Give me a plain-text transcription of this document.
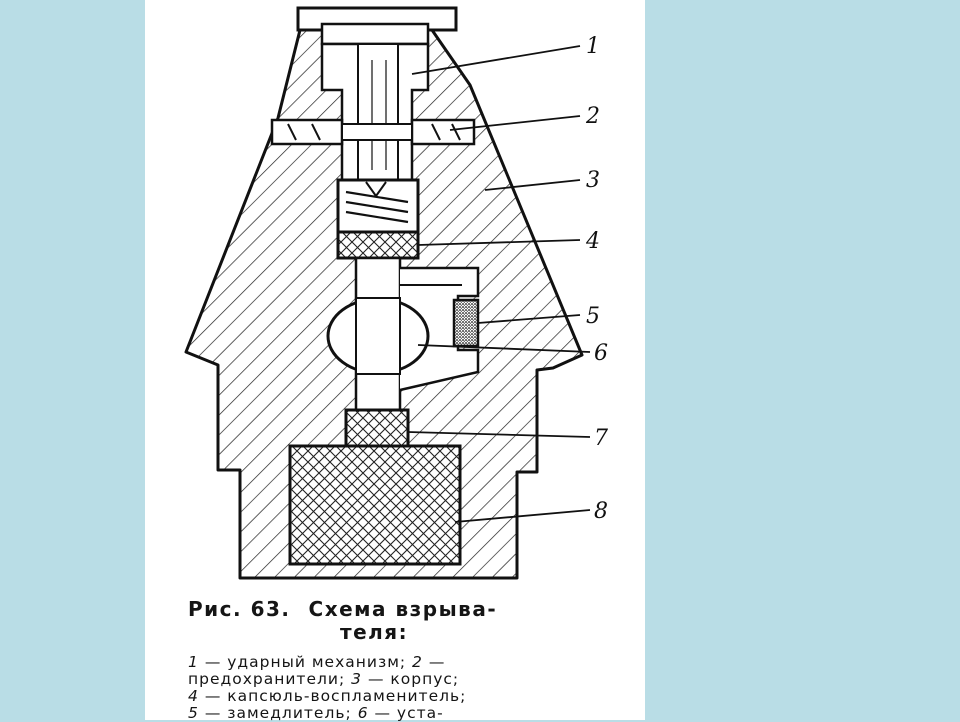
1
2
3
4
5
6
7
8
Рис. 63. Схема взрыва-
теля:
1 — ударный механизм; 2 —
предохранители; 3 — корпус;
4 — капсюль-воспламенитель;
5 — замедлитель; 6 — уста-
